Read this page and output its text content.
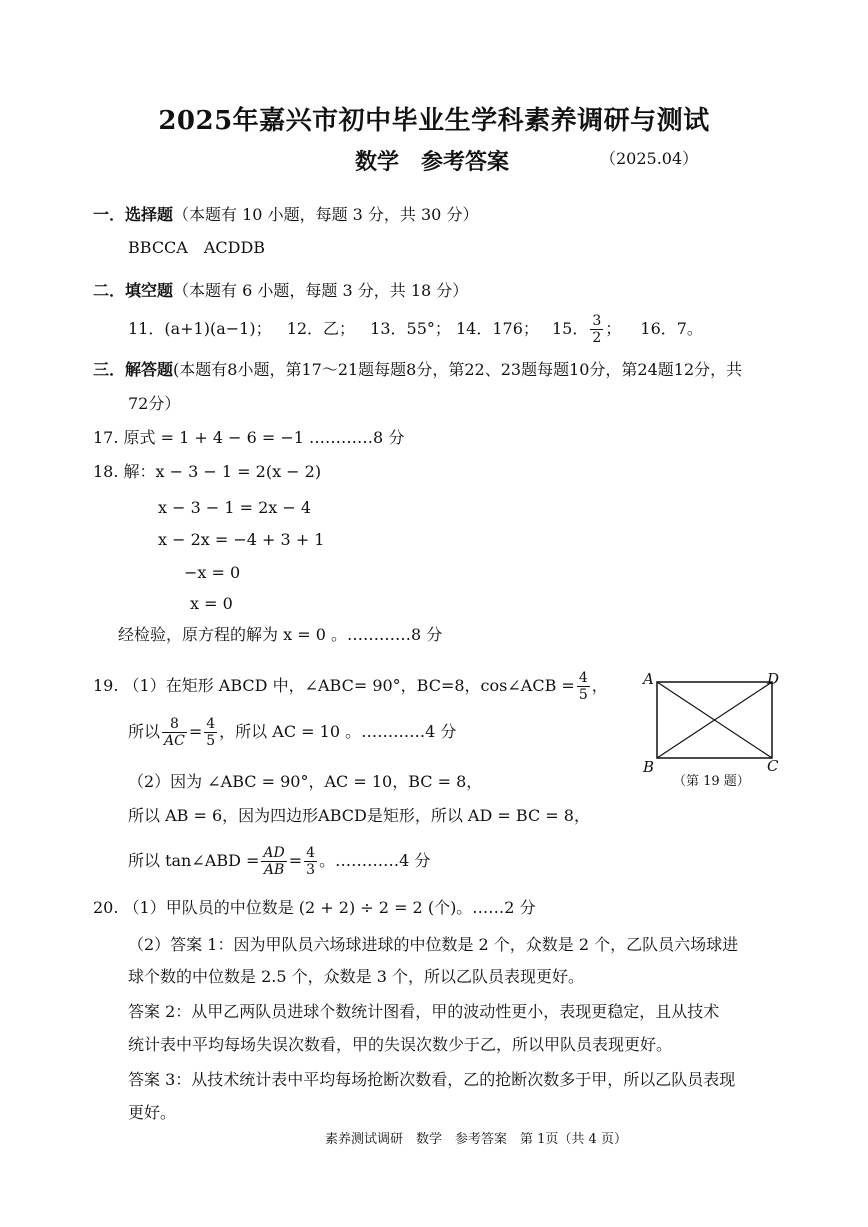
2025年嘉兴市初中毕业生学科素养调研与测试
数学　参考答案	（2025.04）
一．选择题（本题有 10 小题，每题 3 分，共 30 分）
BBCCA　ACDDB
二．填空题（本题有 6 小题，每题 3 分，共 18 分）
11．(a+1)(a−1)； 12．乙； 13．55°； 14．176； 15． $\frac{3}{2}$ ； 16．7。
三．解答题(本题有8小题，第17～21题每题8分，第22、23题每题10分，第24题12分，共
72分）
17. 原式 = 1 + 4 − 6 = −1 …………8 分
18. 解：x − 3 − 1 = 2(x − 2)
x − 3 − 1 = 2x − 4
x − 2x = −4 + 3 + 1
−x = 0
x = 0
经检验，原方程的解为 x = 0 。…………8 分
19. （1）在矩形 ABCD 中，∠ABC= 90°，BC=8，cos∠ACB = $\frac{4}{5}$ ，
所以 $\frac{8}{AC} = \frac{4}{5}$ ，所以 AC = 10 。…………4 分
（2）因为 ∠ABC = 90°，AC = 10，BC = 8，
所以 AB = 6，因为四边形ABCD是矩形，所以 AD = BC = 8，
所以 tan∠ABD = $\frac{AD}{AB} = \frac{4}{3}$ 。…………4 分
A	D
B	C
（第 19 题）
20. （1）甲队员的中位数是 (2 + 2) ÷ 2 = 2 (个)。……2 分
（2）答案 1：因为甲队员六场球进球的中位数是 2 个，众数是 2 个，乙队员六场球进
球个数的中位数是 2.5 个，众数是 3 个，所以乙队员表现更好。
答案 2：从甲乙两队员进球个数统计图看，甲的波动性更小，表现更稳定，且从技术
统计表中平均每场失误次数看，甲的失误次数少于乙，所以甲队员表现更好。
答案 3：从技术统计表中平均每场抢断次数看，乙的抢断次数多于甲，所以乙队员表现
更好。
素养测试调研　数学　参考答案　第 1页（共 4 页）
